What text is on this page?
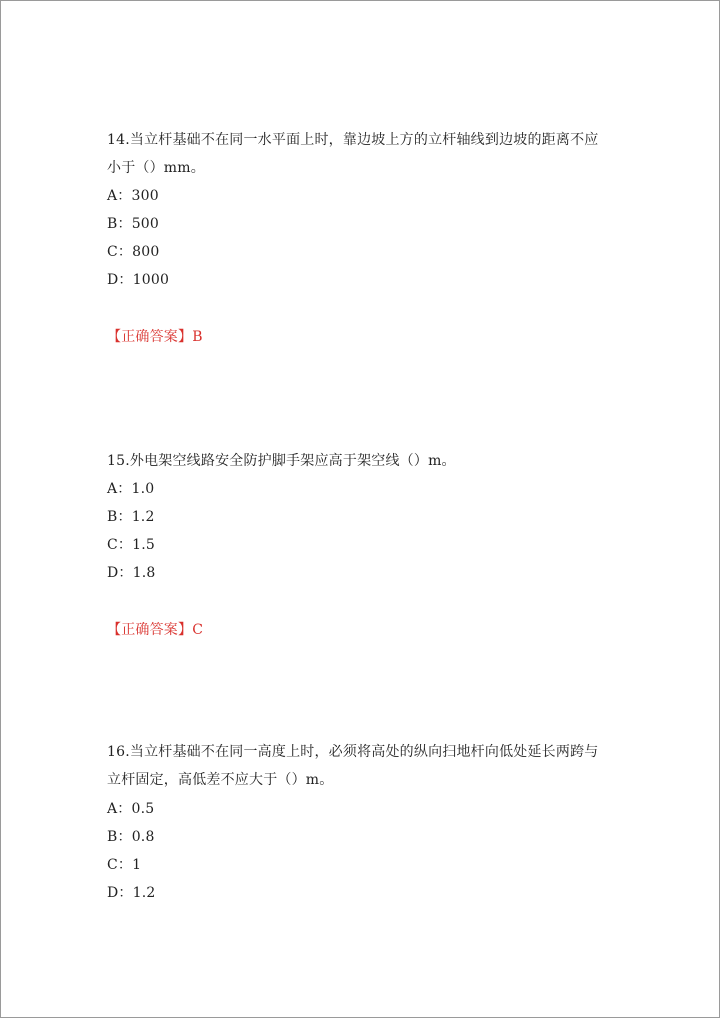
14.当立杆基础不在同一水平面上时，靠边坡上方的立杆轴线到边坡的距离不应
小于（）mm。
A：300
B：500
C：800
D：1000
【正确答案】B
15.外电架空线路安全防护脚手架应高于架空线（）m。
A：1.0
B：1.2
C：1.5
D：1.8
【正确答案】C
16.当立杆基础不在同一高度上时，必须将高处的纵向扫地杆向低处延长两跨与
立杆固定，高低差不应大于（）m。
A：0.5
B：0.8
C：1
D：1.2
